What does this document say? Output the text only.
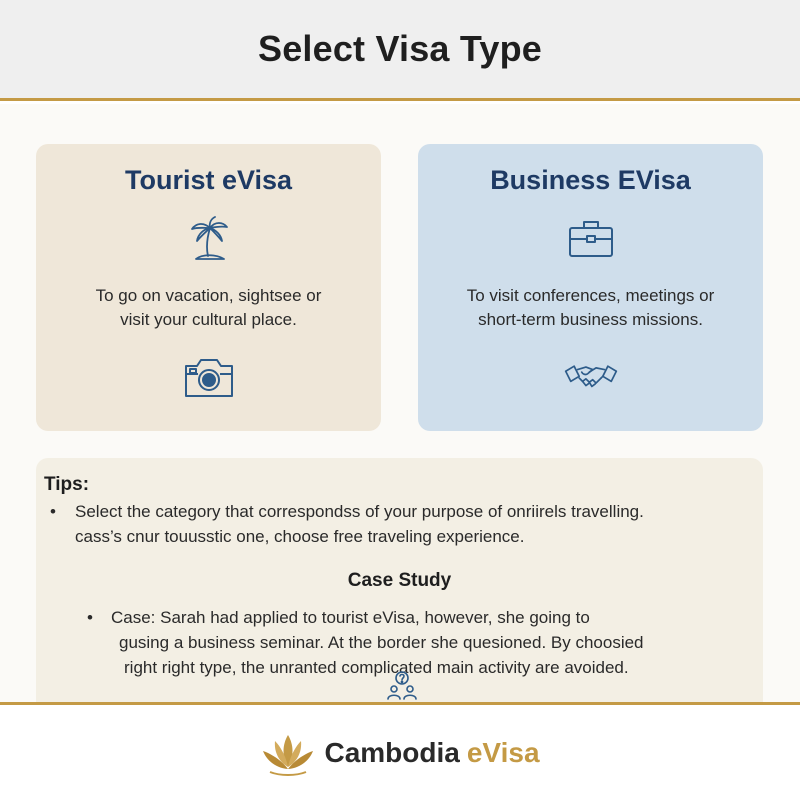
Select Visa Type
Tourist eVisa

To go on vacation, sightsee or
visit your cultural place.

Business EVisa

To visit conferences, meetings or
short-term business missions.

Tips:
• Select the category that correspondss of your purpose of onriirels travelling.
cass’s cnur touusstic one, choose free traveling experience.
Case Study
• Case: Sarah had applied to tourist eVisa, however, she going to
gusing a business seminar. At the border she quesioned. By choosied
right right type, the unranted complicated main activity are avoided.
Cambodia eVisa
